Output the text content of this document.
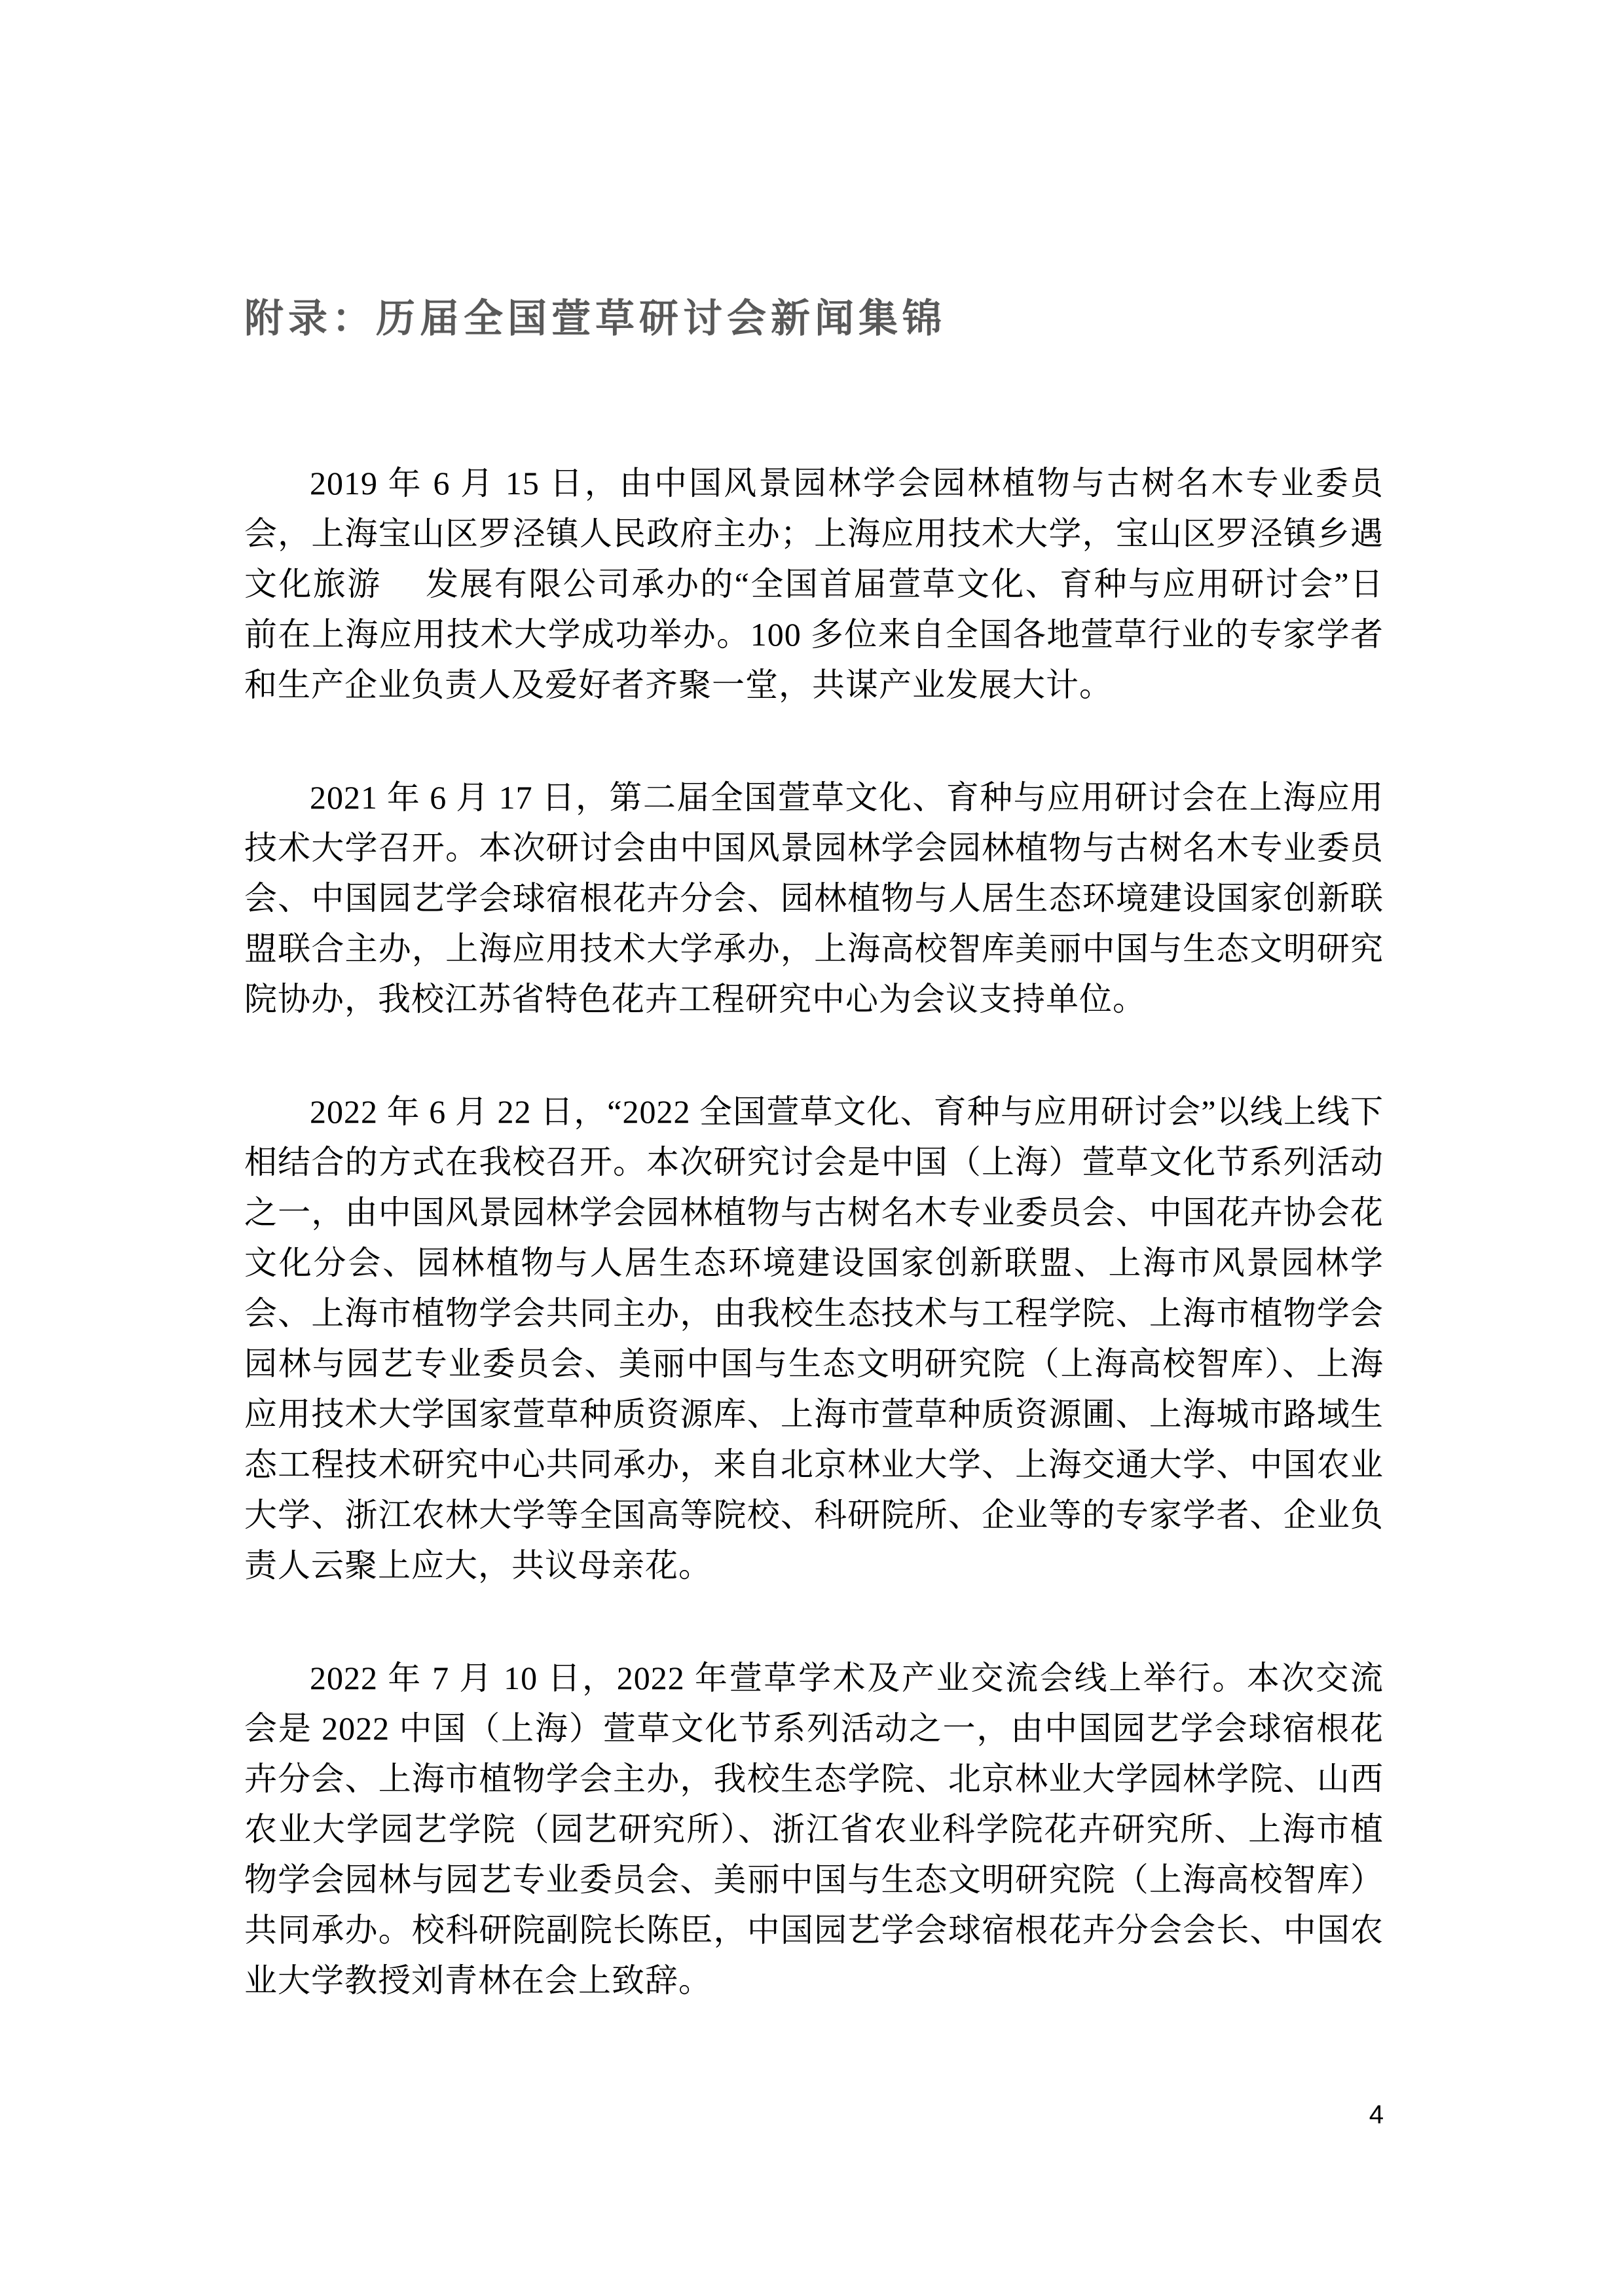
附录：历届全国萱草研讨会新闻集锦

2019 年 6 月 15 日，由中国风景园林学会园林植物与古树名木专业委员会，上海宝山区罗泾镇人民政府主办；上海应用技术大学，宝山区罗泾镇乡遇文化旅游　 发展有限公司承办的“全国首届萱草文化、育种与应用研讨会”日前在上海应用技术大学成功举办。100 多位来自全国各地萱草行业的专家学者和生产企业负责人及爱好者齐聚一堂，共谋产业发展大计。

2021 年 6 月 17 日，第二届全国萱草文化、育种与应用研讨会在上海应用技术大学召开。本次研讨会由中国风景园林学会园林植物与古树名木专业委员会、中国园艺学会球宿根花卉分会、园林植物与人居生态环境建设国家创新联盟联合主办，上海应用技术大学承办，上海高校智库美丽中国与生态文明研究院协办，我校江苏省特色花卉工程研究中心为会议支持单位。

2022 年 6 月 22 日，“2022 全国萱草文化、育种与应用研讨会”以线上线下相结合的方式在我校召开。本次研究讨会是中国（上海）萱草文化节系列活动之一，由中国风景园林学会园林植物与古树名木专业委员会、中国花卉协会花文化分会、园林植物与人居生态环境建设国家创新联盟、上海市风景园林学会、上海市植物学会共同主办，由我校生态技术与工程学院、上海市植物学会园林与园艺专业委员会、美丽中国与生态文明研究院（上海高校智库）、上海应用技术大学国家萱草种质资源库、上海市萱草种质资源圃、上海城市路域生态工程技术研究中心共同承办，来自北京林业大学、上海交通大学、中国农业大学、浙江农林大学等全国高等院校、科研院所、企业等的专家学者、企业负责人云聚上应大，共议母亲花。

2022 年 7 月 10 日，2022 年萱草学术及产业交流会线上举行。本次交流会是 2022 中国（上海）萱草文化节系列活动之一，由中国园艺学会球宿根花卉分会、上海市植物学会主办，我校生态学院、北京林业大学园林学院、山西农业大学园艺学院（园艺研究所）、浙江省农业科学院花卉研究所、上海市植物学会园林与园艺专业委员会、美丽中国与生态文明研究院（上海高校智库）共同承办。校科研院副院长陈臣，中国园艺学会球宿根花卉分会会长、中国农业大学教授刘青林在会上致辞。

4
